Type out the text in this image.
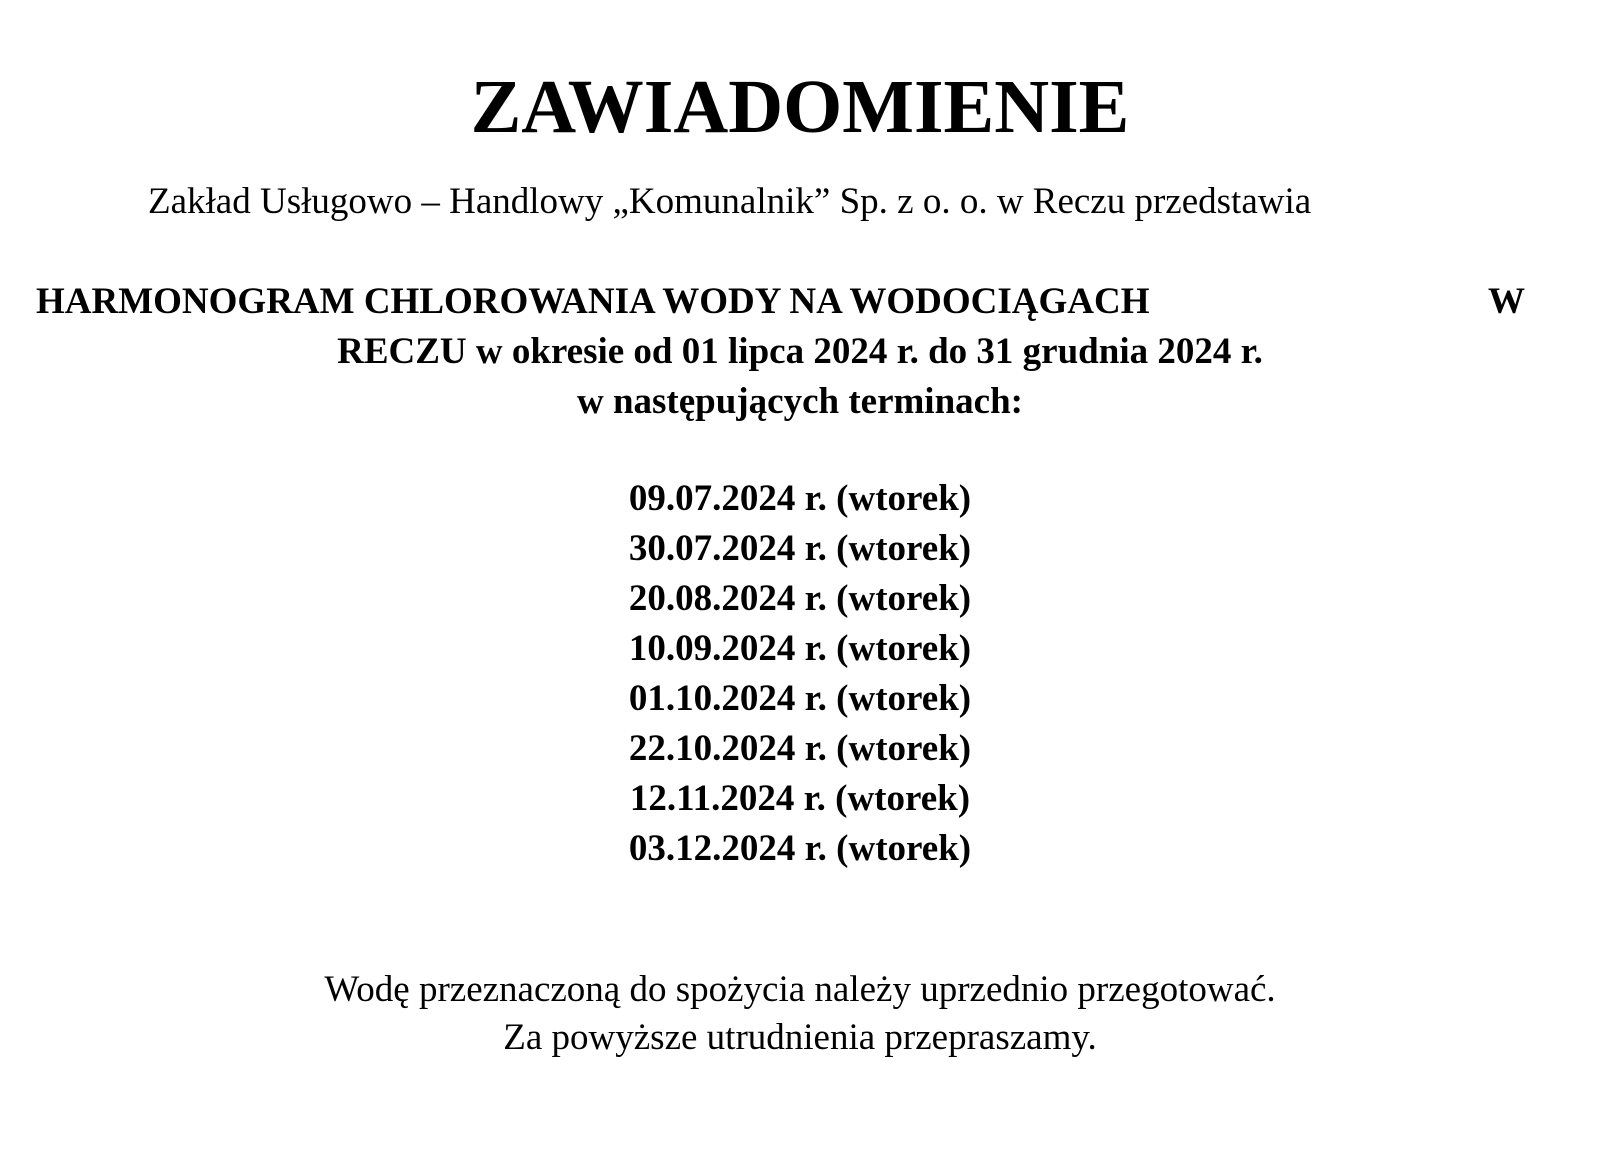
ZAWIADOMIENIE

Zakład Usługowo – Handlowy „Komunalnik” Sp. z o. o. w Reczu przedstawia

HARMONOGRAM CHLOROWANIA WODY NA WODOCIĄGACH	W
RECZU w okresie od 01 lipca 2024 r. do 31 grudnia 2024 r.
w następujących terminach:
09.07.2024 r. (wtorek)
30.07.2024 r. (wtorek)
20.08.2024 r. (wtorek)
10.09.2024 r. (wtorek)
01.10.2024 r. (wtorek)
22.10.2024 r. (wtorek)
12.11.2024 r. (wtorek)
03.12.2024 r. (wtorek)
Wodę przeznaczoną do spożycia należy uprzednio przegotować.
Za powyższe utrudnienia przepraszamy.
